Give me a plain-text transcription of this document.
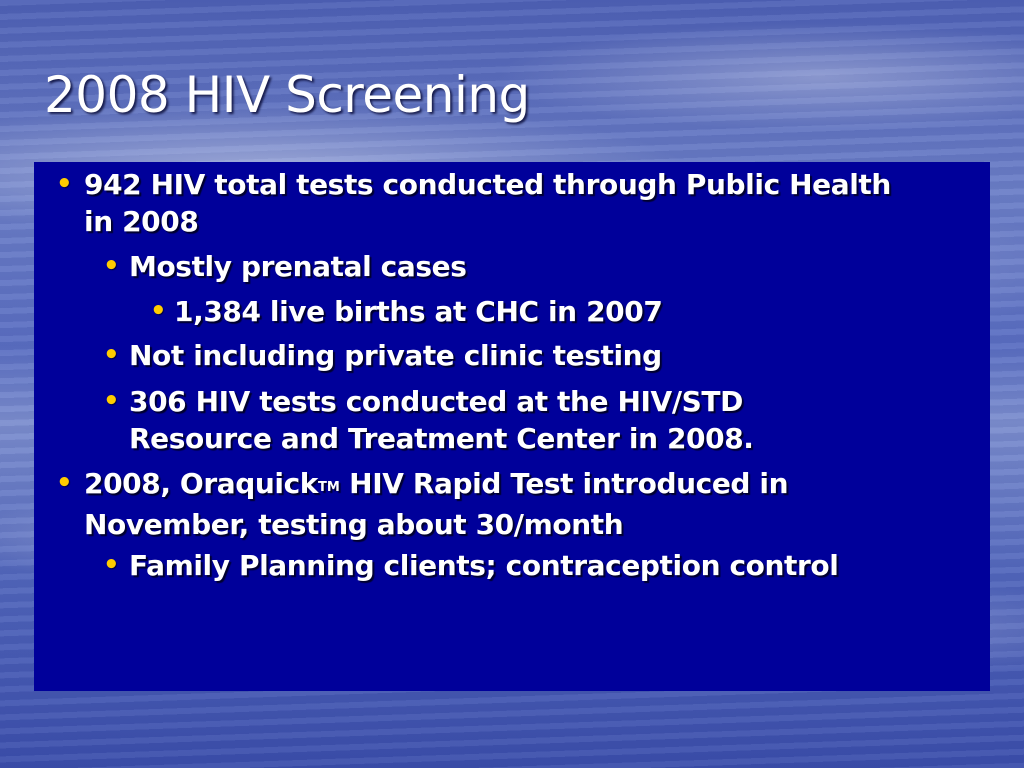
2008 HIV Screening
• 942 HIV total tests conducted through Public Health in 2008
• Mostly prenatal cases
• 1,384 live births at CHC in 2007
• Not including private clinic testing
• 306 HIV tests conducted at the HIV/STD Resource and Treatment Center in 2008.
• 2008, OraquickTM HIV Rapid Test introduced in November, testing about 30/month
• Family Planning clients; contraception control
